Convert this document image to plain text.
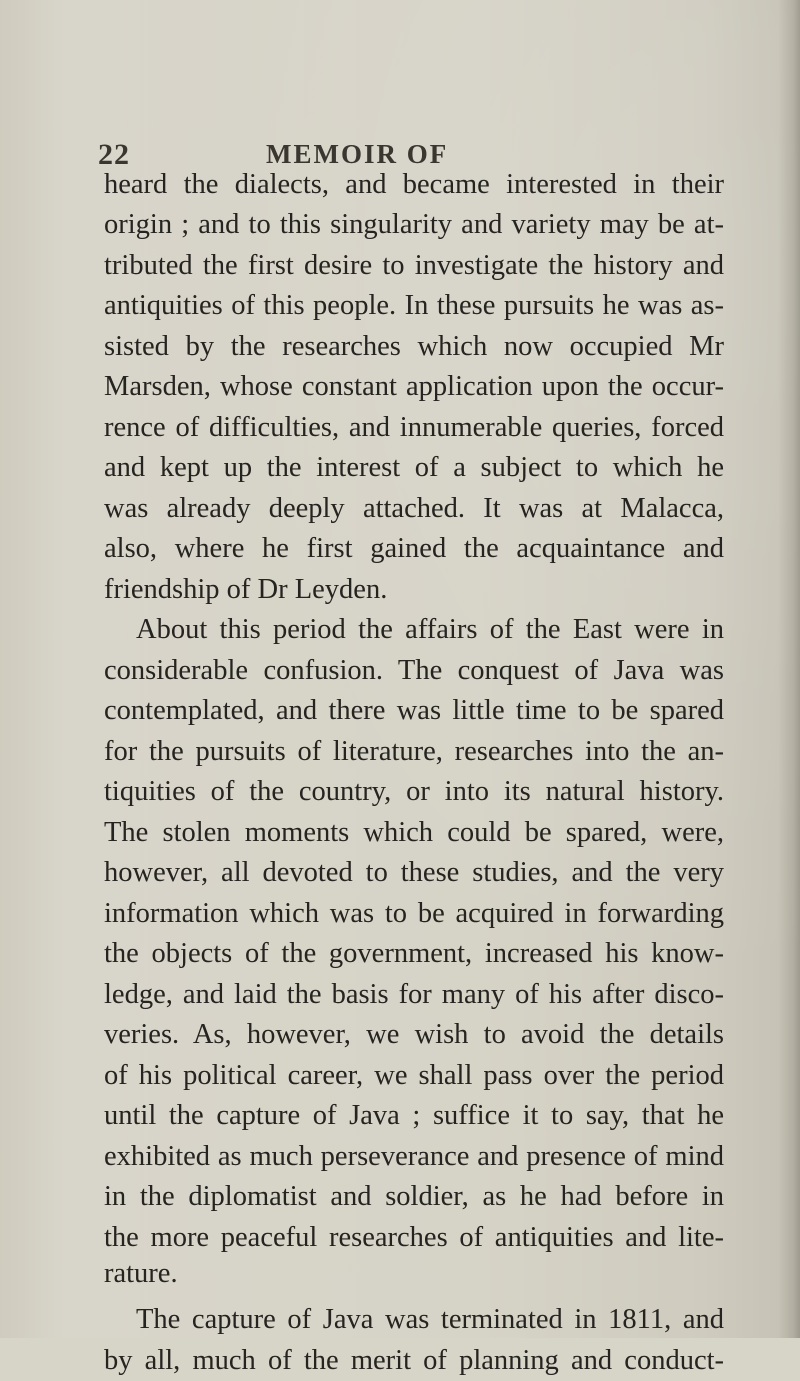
22	MEMOIR OF
heard the dialects, and became interested in their
origin ; and to this singularity and variety may be at-
tributed the first desire to investigate the history and
antiquities of this people. In these pursuits he was as-
sisted by the researches which now occupied Mr
Marsden, whose constant application upon the occur-
rence of difficulties, and innumerable queries, forced
and kept up the interest of a subject to which he
was already deeply attached. It was at Malacca,
also, where he first gained the acquaintance and
friendship of Dr Leyden.
About this period the affairs of the East were in
considerable confusion. The conquest of Java was
contemplated, and there was little time to be spared
for the pursuits of literature, researches into the an-
tiquities of the country, or into its natural history.
The stolen moments which could be spared, were,
however, all devoted to these studies, and the very
information which was to be acquired in forwarding
the objects of the government, increased his know-
ledge, and laid the basis for many of his after disco-
veries. As, however, we wish to avoid the details
of his political career, we shall pass over the period
until the capture of Java ; suffice it to say, that he
exhibited as much perseverance and presence of mind
in the diplomatist and soldier, as he had before in
the more peaceful researches of antiquities and lite-
rature.
The capture of Java was terminated in 1811, and
by all, much of the merit of planning and conduct-
